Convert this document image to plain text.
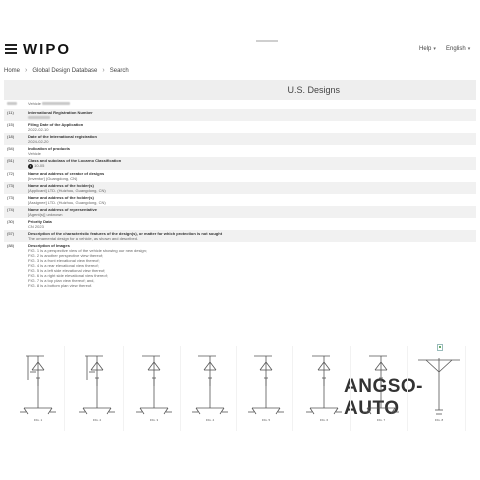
WIPO	Help ▾ English ▾
Home › Global Design Database › Search
U.S. Designs
Vehicle
(11)	International Registration Number
(15)	Filing Date of the Application
2022-02-10
(18)	Date of the International registration
2024-02-20
(54)	Indication of products
Vehicle
(51)	Class and subclass of the Locarno Classification
i 10-05
(72)	Name and address of creator of designs
[Inventor] (Guangdong, CN)
(73)	Name and address of the holder(s)
[Applicant] LTD. (Huizhou, Guangdong, CN)
(73)	Name and address of the holder(s)
[Assignee] LTD. (Huizhou, Guangdong, CN)
(74)	Name and address of representative
[Agent(s)] unknown
(30)	Priority Data
CN 2023
(57)	Description of the characteristic features of the design(s), or matter for which protection is not sought
The ornamental design for a vehicle, as shown and described.
(88)	Description of Images
FIG. 1 is a perspective view of the vehicle showing our new design;
FIG. 2 is another perspective view thereof;
FIG. 3 is a front elevational view thereof;
FIG. 4 is a rear elevational view thereof;
FIG. 5 is a left side elevational view thereof;
FIG. 6 is a right side elevational view thereof;
FIG. 7 is a top plan view thereof; and,
FIG. 8 is a bottom plan view thereof.
ANGSO-AUTO
FIG. 1	FIG. 2	FIG. 3	FIG. 4	FIG. 5	FIG. 6	FIG. 7	FIG. 8
